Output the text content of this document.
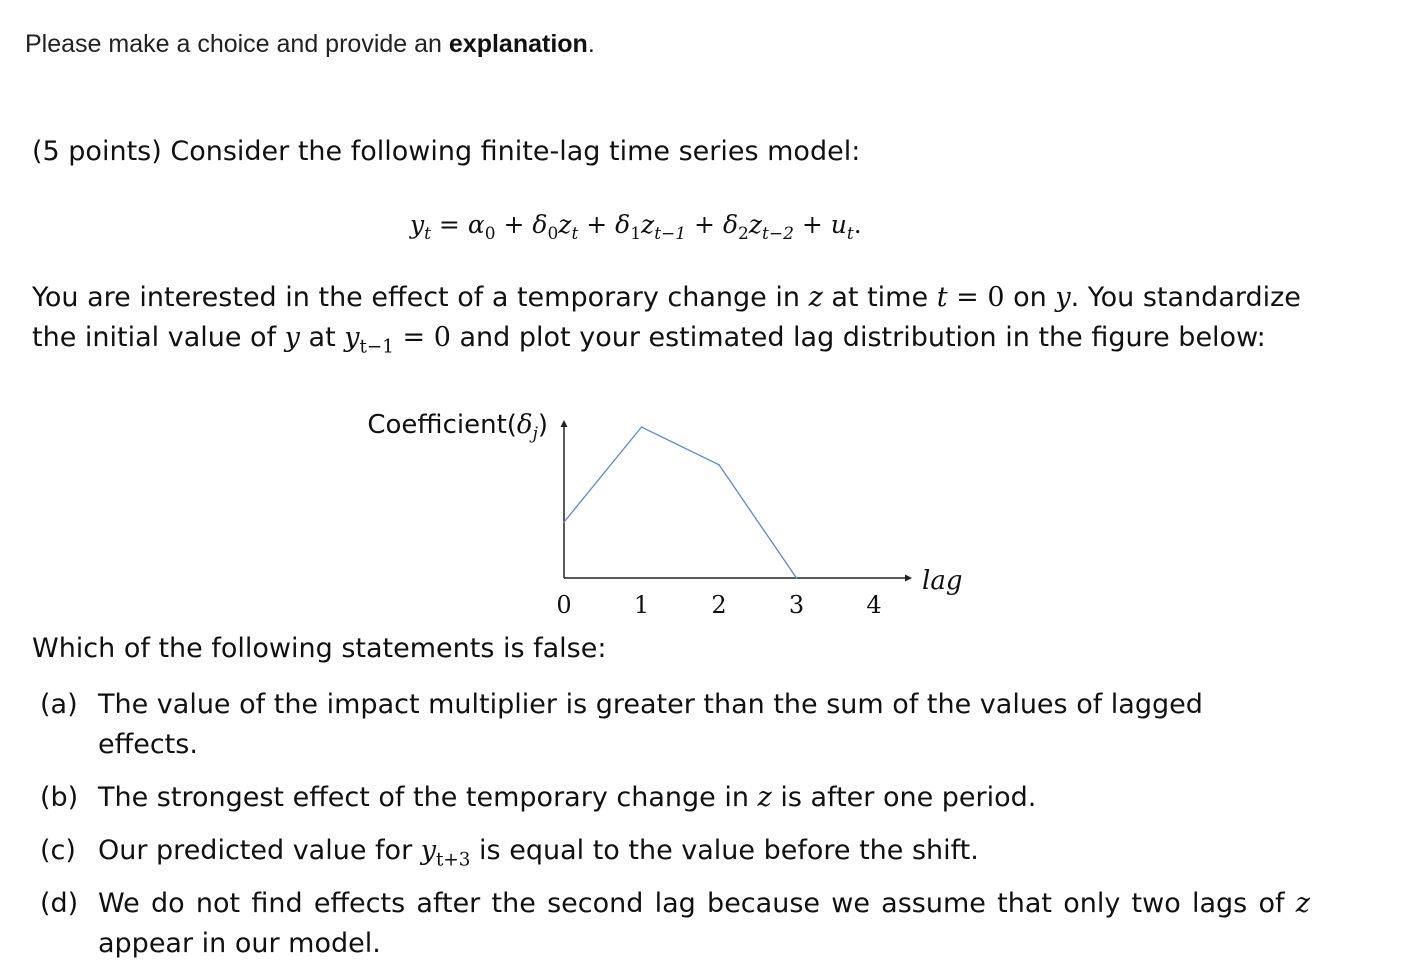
Please make a choice and provide an explanation.

(5 points) Consider the following finite-lag time series model:

$y_t = \alpha_0 + \delta_0z_t + \delta_1z_{t-1} + \delta_2z_{t-2} + u_t$.
You are interested in the effect of a temporary change in z at time t = 0 on y. You standardize the initial value of y at $y_{t-1} = 0$ and plot your estimated lag distribution in the figure below:
$Coefficient(\delta_j)$
lag
0	1	2	3	4
Which of the following statements is false:
(a) The value of the impact multiplier is greater than the sum of the values of lagged effects.
(b) The strongest effect of the temporary change in z is after one period.
(c) Our predicted value for $y_{t+3}$ is equal to the value before the shift.
(d) We do not find effects after the second lag because we assume that only two lags of z appear in our model.
